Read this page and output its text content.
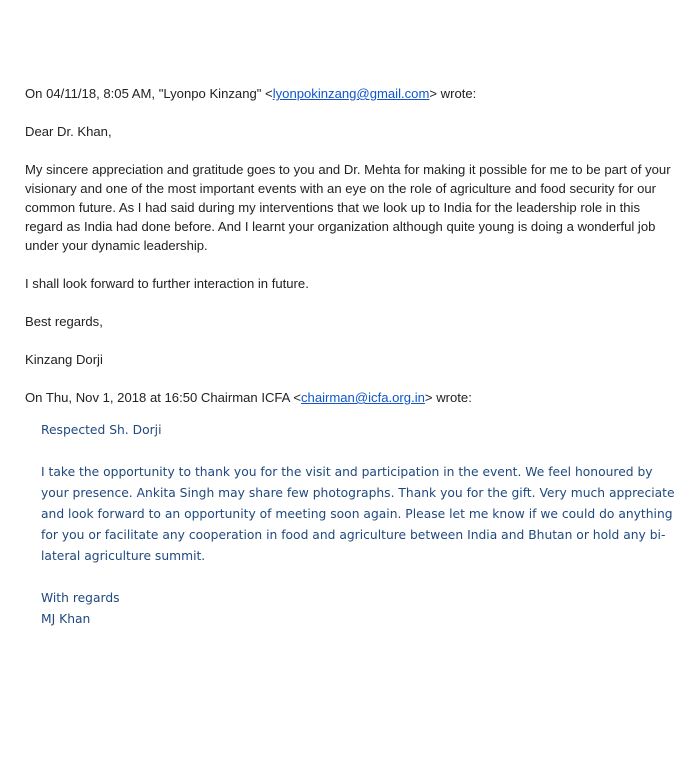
On 04/11/18, 8:05 AM, "Lyonpo Kinzang" <lyonpokinzang@gmail.com> wrote:

Dear Dr. Khan,

My sincere appreciation and gratitude goes to you and Dr. Mehta for making it possible for me to be part of your visionary and one of the most important events with an eye on the role of agriculture and food security for our common future. As I had said during my interventions that we look up to India for the leadership role in this regard as India had done before. And I learnt your organization although quite young is doing a wonderful job under your dynamic leadership.

I shall look forward to further interaction in future.

Best regards,

Kinzang Dorji

On Thu, Nov 1, 2018 at 16:50 Chairman ICFA <chairman@icfa.org.in> wrote:

Respected Sh. Dorji

I take the opportunity to thank you for the visit and participation in the event. We feel honoured by your presence. Ankita Singh may share few photographs. Thank you for the gift. Very much appreciate and look forward to an opportunity of meeting soon again. Please let me know if we could do anything for you or facilitate any cooperation in food and agriculture between India and Bhutan or hold any bi-lateral agriculture summit.

With regards

MJ Khan
